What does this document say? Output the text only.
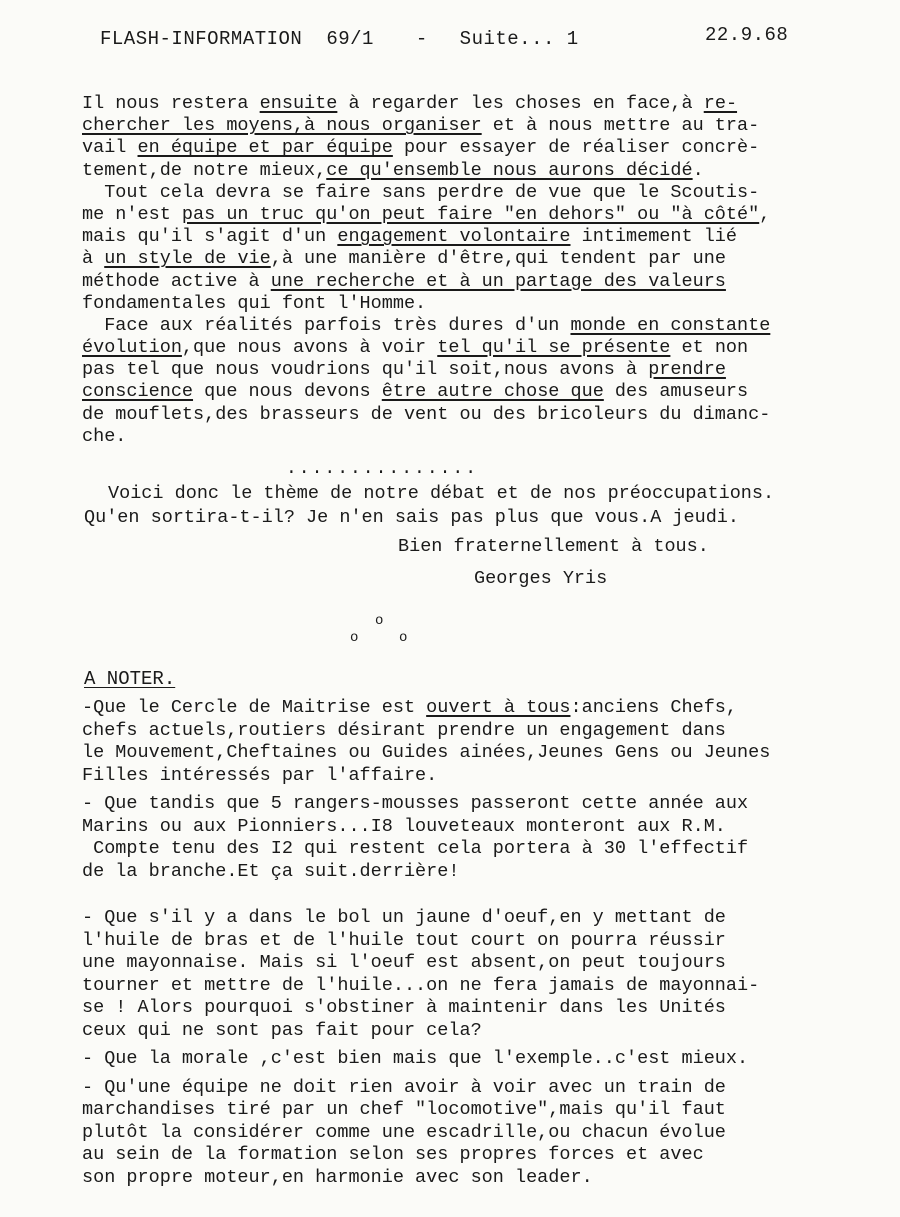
FLASH-INFORMATION 69/1 - Suite... 1	22.9.68
Il nous restera ensuite à regarder les choses en face,à re-
chercher les moyens,à nous organiser et à nous mettre au tra-
vail en équipe et par équipe pour essayer de réaliser concrè-
tement,de notre mieux,ce qu'ensemble nous aurons décidé.
Tout cela devra se faire sans perdre de vue que le Scoutis-
me n'est pas un truc qu'on peut faire "en dehors" ou "à côté",
mais qu'il s'agit d'un engagement volontaire intimement lié
à un style de vie,à une manière d'être,qui tendent par une
méthode active à une recherche et à un partage des valeurs
fondamentales qui font l'Homme.
Face aux réalités parfois très dures d'un monde en constante
évolution,que nous avons à voir tel qu'il se présente et non
pas tel que nous voudrions qu'il soit,nous avons à prendre
conscience que nous devons être autre chose que des amuseurs
de mouflets,des brasseurs de vent ou des bricoleurs du dimanc-
che.
...............
Voici donc le thème de notre débat et de nos préoccupations.
Qu'en sortira-t-il? Je n'en sais pas plus que vous.A jeudi.
Bien fraternellement à tous.
Georges Yris
o
o	o
A NOTER.
-Que le Cercle de Maitrise est ouvert à tous:anciens Chefs,
chefs actuels,routiers désirant prendre un engagement dans
le Mouvement,Cheftaines ou Guides ainées,Jeunes Gens ou Jeunes
Filles intéressés par l'affaire.
- Que tandis que 5 rangers-mousses passeront cette année aux
Marins ou aux Pionniers...I8 louveteaux monteront aux R.M.
Compte tenu des I2 qui restent cela portera à 30 l'effectif
de la branche.Et ça suit.derrière!
- Que s'il y a dans le bol un jaune d'oeuf,en y mettant de
l'huile de bras et de l'huile tout court on pourra réussir
une mayonnaise. Mais si l'oeuf est absent,on peut toujours
tourner et mettre de l'huile...on ne fera jamais de mayonnai-
se ! Alors pourquoi s'obstiner à maintenir dans les Unités
ceux qui ne sont pas fait pour cela?
- Que la morale ,c'est bien mais que l'exemple..c'est mieux.
- Qu'une équipe ne doit rien avoir à voir avec un train de
marchandises tiré par un chef "locomotive",mais qu'il faut
plutôt la considérer comme une escadrille,ou chacun évolue
au sein de la formation selon ses propres forces et avec
son propre moteur,en harmonie avec son leader.
